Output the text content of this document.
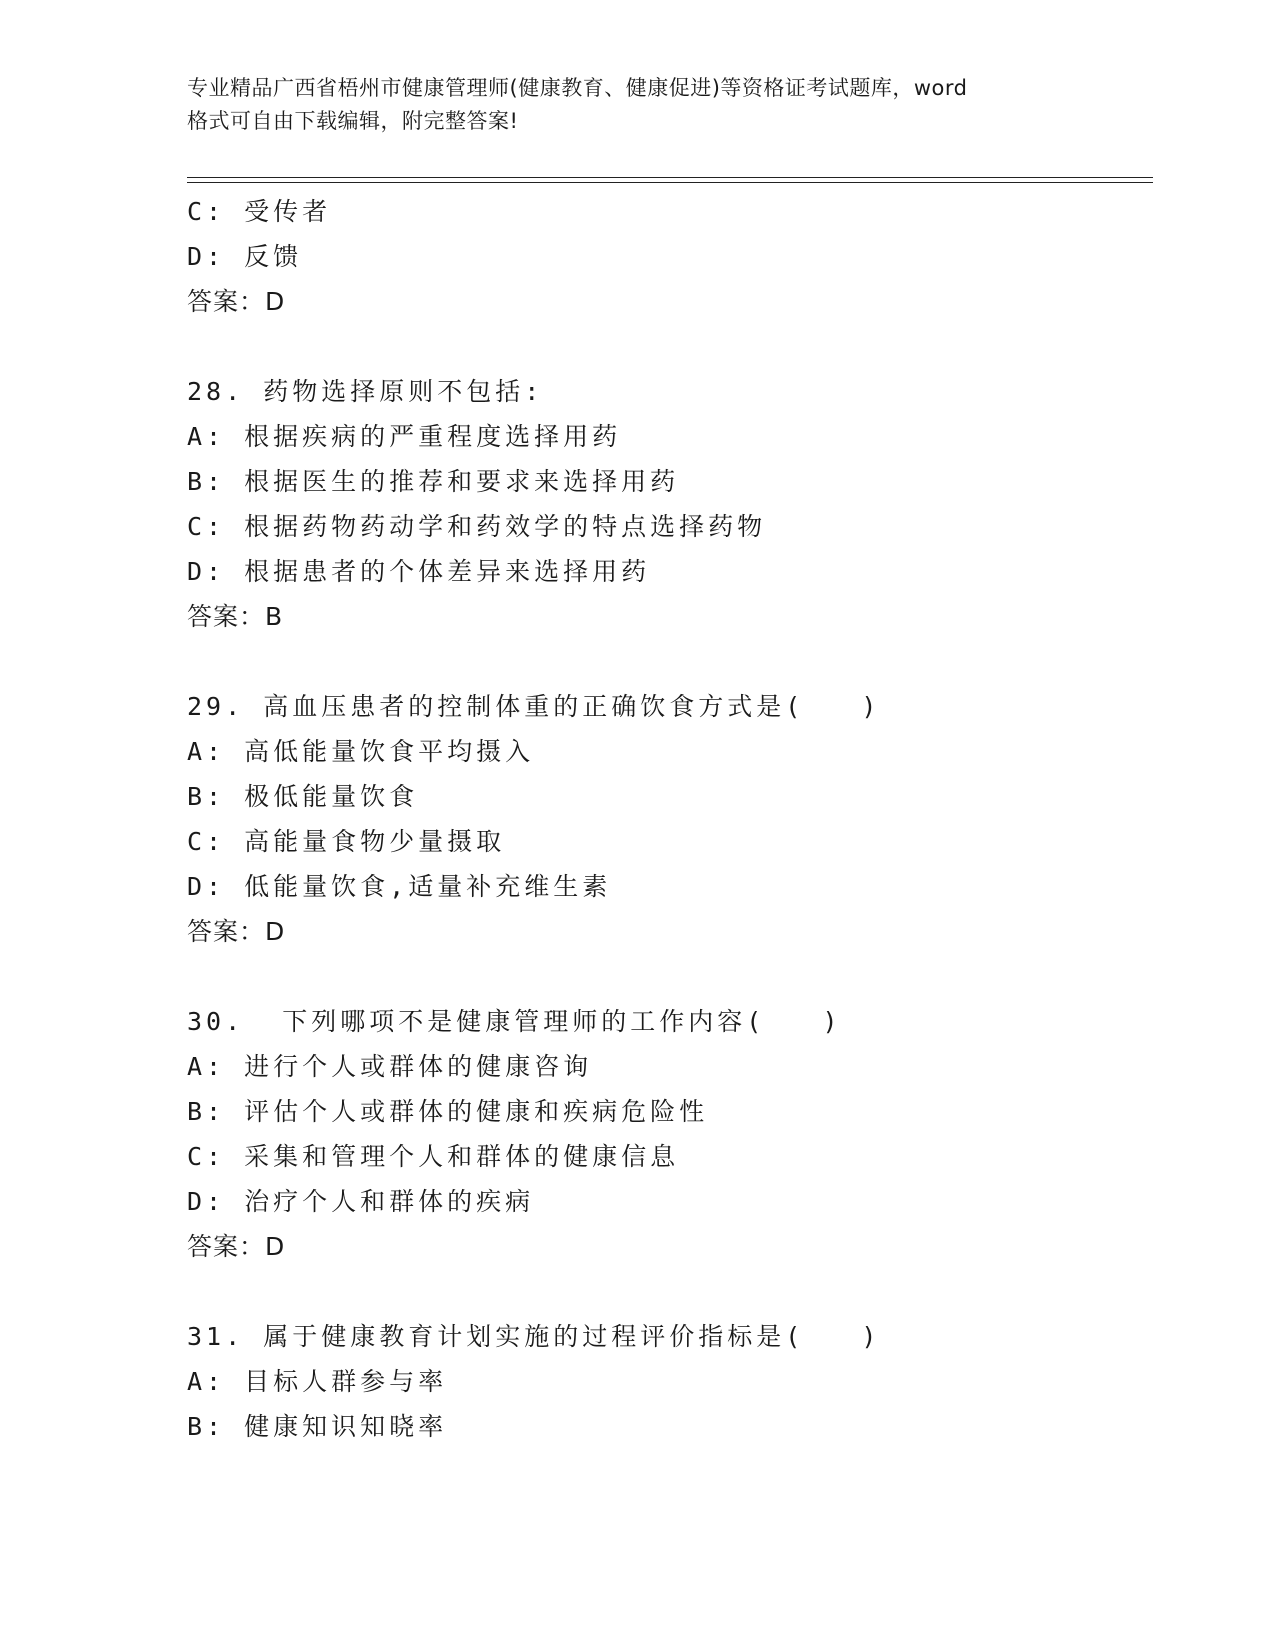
专业精品广西省梧州市健康管理师(健康教育、健康促进)等资格证考试题库，word
格式可自由下载编辑，附完整答案!
C: 受传者
D: 反馈
答案：D
28. 药物选择原则不包括:
A: 根据疾病的严重程度选择用药
B: 根据医生的推荐和要求来选择用药
C: 根据药物药动学和药效学的特点选择药物
D: 根据患者的个体差异来选择用药
答案：B
29. 高血压患者的控制体重的正确饮食方式是(   )
A: 高低能量饮食平均摄入
B: 极低能量饮食
C: 高能量食物少量摄取
D: 低能量饮食,适量补充维生素
答案：D
30.  下列哪项不是健康管理师的工作内容(   )
A: 进行个人或群体的健康咨询
B: 评估个人或群体的健康和疾病危险性
C: 采集和管理个人和群体的健康信息
D: 治疗个人和群体的疾病
答案：D
31. 属于健康教育计划实施的过程评价指标是(   )
A: 目标人群参与率
B: 健康知识知晓率
